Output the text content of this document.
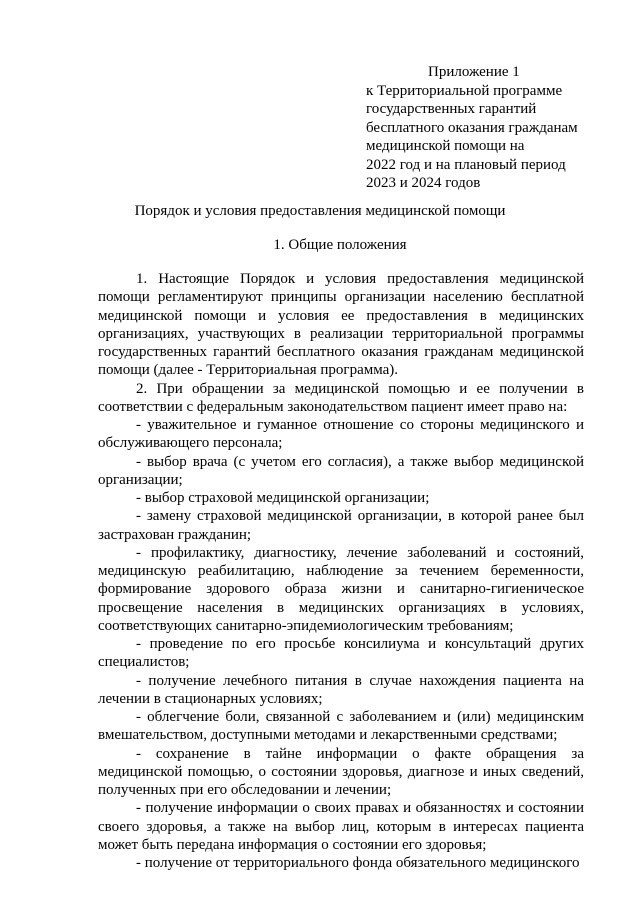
Приложение 1
к Территориальной программе
государственных гарантий
бесплатного оказания гражданам
медицинской помощи на
2022 год и на плановый период
2023 и 2024 годов
Порядок и условия предоставления медицинской помощи
1. Общие положения
1. Настоящие Порядок и условия предоставления медицинской
помощи регламентируют принципы организации населению бесплатной
медицинской помощи и условия ее предоставления в медицинских
организациях, участвующих в реализации территориальной программы
государственных гарантий бесплатного оказания гражданам медицинской
помощи (далее - Территориальная программа).
2. При обращении за медицинской помощью и ее получении в
соответствии с федеральным законодательством пациент имеет право на:
- уважительное и гуманное отношение со стороны медицинского и
обслуживающего персонала;
- выбор врача (с учетом его согласия), а также выбор медицинской
организации;
- выбор страховой медицинской организации;
- замену страховой медицинской организации, в которой ранее был
застрахован гражданин;
- профилактику, диагностику, лечение заболеваний и состояний,
медицинскую реабилитацию, наблюдение за течением беременности,
формирование здорового образа жизни и санитарно-гигиеническое
просвещение населения в медицинских организациях в условиях,
соответствующих санитарно-эпидемиологическим требованиям;
- проведение по его просьбе консилиума и консультаций других
специалистов;
- получение лечебного питания в случае нахождения пациента на
лечении в стационарных условиях;
- облегчение боли, связанной с заболеванием и (или) медицинским
вмешательством, доступными методами и лекарственными средствами;
- сохранение в тайне информации о факте обращения за
медицинской помощью, о состоянии здоровья, диагнозе и иных сведений,
полученных при его обследовании и лечении;
- получение информации о своих правах и обязанностях и состоянии
своего здоровья, а также на выбор лиц, которым в интересах пациента
может быть передана информация о состоянии его здоровья;
- получение от территориального фонда обязательного медицинского
